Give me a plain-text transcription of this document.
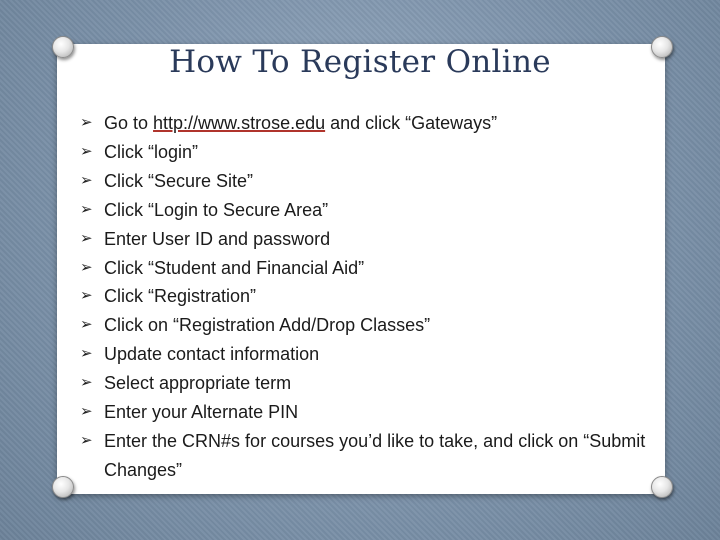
How To Register Online
➢ Go to http://www.strose.edu and click “Gateways”
➢ Click “login”
➢ Click “Secure Site”
➢ Click “Login to Secure Area”
➢ Enter User ID and password
➢ Click “Student and Financial Aid”
➢ Click “Registration”
➢ Click on “Registration Add/Drop Classes”
➢ Update contact information
➢ Select appropriate term
➢ Enter your Alternate PIN
➢ Enter the CRN#s for courses you’d like to take, and click on “Submit Changes”
